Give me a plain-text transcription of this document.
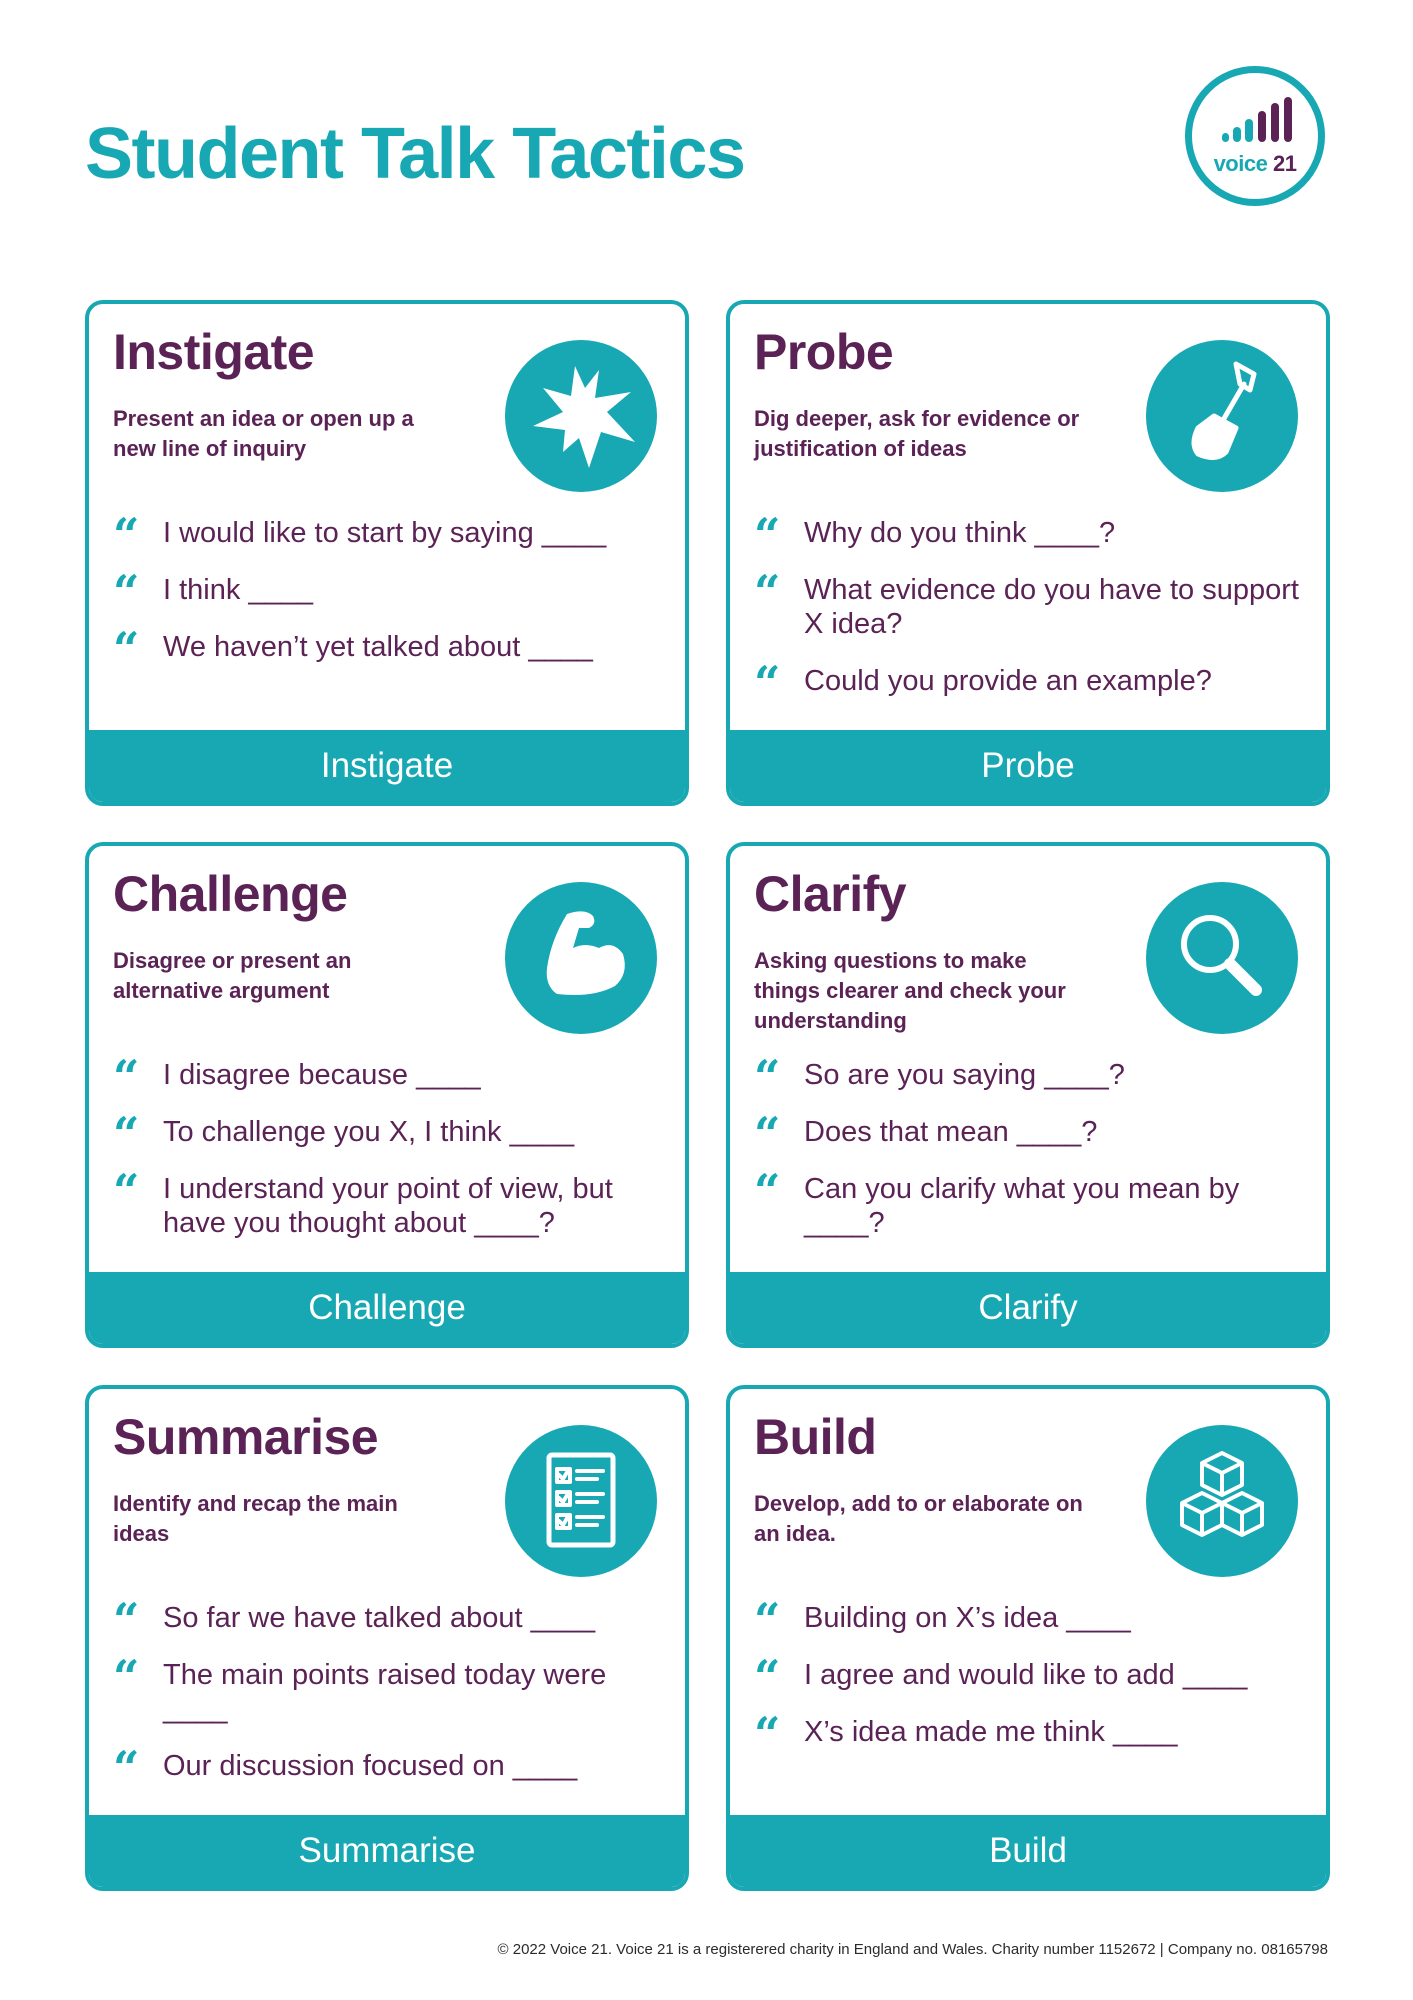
Student Talk Tactics	voice 21
Instigate

Present an idea or open up a new line of inquiry

“ I would like to start by saying ____
“ I think ____
“ We haven’t yet talked about ____
Instigate
Probe

Dig deeper, ask for evidence or justification of ideas

“ Why do you think ____?
“ What evidence do you have to support X idea?
“ Could you provide an example?
Probe
Challenge

Disagree or present an alternative argument

“ I disagree because ____
“ To challenge you X, I think ____
“ I understand your point of view, but have you thought about ____?
Challenge
Clarify

Asking questions to make things clearer and check your understanding

“ So are you saying ____?
“ Does that mean ____?
“ Can you clarify what you mean by ____?
Clarify
Summarise

Identify and recap the main ideas

“ So far we have talked about ____
“ The main points raised today were ____
“ Our discussion focused on ____
Summarise
Build

Develop, add to or elaborate on an idea.

“ Building on X’s idea ____
“ I agree and would like to add ____
“ X’s idea made me think ____
Build
© 2022 Voice 21. Voice 21 is a registerered charity in England and Wales. Charity number 1152672 | Company no. 08165798
